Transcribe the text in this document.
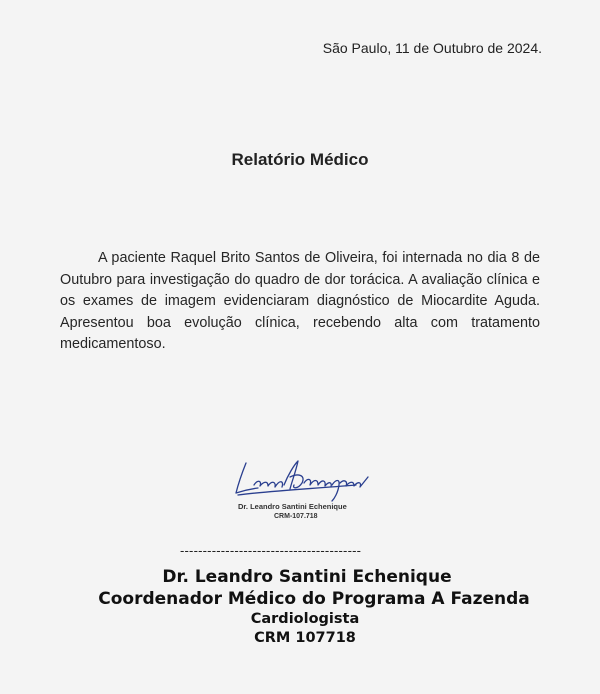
São Paulo, 11 de Outubro de 2024.
Relatório Médico
A paciente Raquel Brito Santos de Oliveira, foi internada no dia 8 de Outubro para investigação do quadro de dor torácica. A avaliação clínica e os exames de imagem evidenciaram diagnóstico de Miocardite Aguda. Apresentou boa evolução clínica, recebendo alta com tratamento medicamentoso.
Dr. Leandro Santini Echenique
CRM-107.718
----------------------------------------
Dr. Leandro Santini Echenique
Coordenador Médico do Programa A Fazenda
Cardiologista
CRM 107718
